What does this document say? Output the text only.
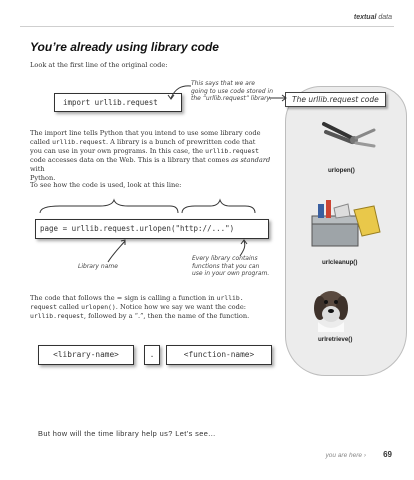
textual data
You’re already using library code
Look at the first line of the original code:
The urllib.request code
import urllib.request
This says that we are
going to use code stored in
the “urllib.request” library.
The import line tells Python that you intend to use some library code
called urllib.request. A library is a bunch of prewritten code that
you can use in your own programs. In this case, the urllib.request
code accesses data on the Web. This is a library that comes as standard with
Python.
To see how the code is used, look at this line:
page = urllib.request.urlopen("http://...")
Library name
Every library contains
functions that you can
use in your own program.
The code that follows the = sign is calling a function in urllib.
request called urlopen(). Notice how we say we want the code:
urllib.request, followed by a “.”, then the name of the function.
<library-name>	.	<function-name>
urlopen()
urlcleanup()
urlretrieve()
But how will the time library help us? Let’s see...
you are here › 69
